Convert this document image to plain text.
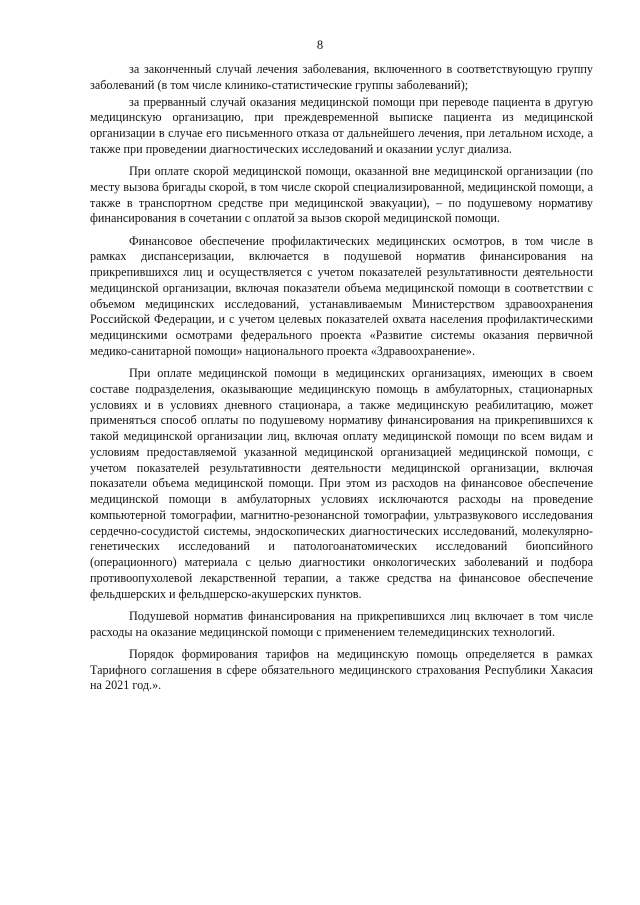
8

за законченный случай лечения заболевания, включенного в соответствующую группу заболеваний (в том числе клинико-статистические группы заболеваний);

за прерванный случай оказания медицинской помощи при переводе пациента в другую медицинскую организацию, при преждевременной выписке пациента из медицинской организации в случае его письменного отказа от дальнейшего лечения, при летальном исходе, а также при проведении диагностических исследований и оказании услуг диализа.

При оплате скорой медицинской помощи, оказанной вне медицинской организации (по месту вызова бригады скорой, в том числе скорой специализированной, медицинской помощи, а также в транспортном средстве при медицинской эвакуации), – по подушевому нормативу финансирования в сочетании с оплатой за вызов скорой медицинской помощи.

Финансовое обеспечение профилактических медицинских осмотров, в том числе в рамках диспансеризации, включается в подушевой норматив финансирования на прикрепившихся лиц и осуществляется с учетом показателей результативности деятельности медицинской организации, включая показатели объема медицинской помощи в соответствии с объемом медицинских исследований, устанавливаемым Министерством здравоохранения Российской Федерации, и с учетом целевых показателей охвата населения профилактическими медицинскими осмотрами федерального проекта «Развитие системы оказания первичной медико-санитарной помощи» национального проекта «Здравоохранение».

При оплате медицинской помощи в медицинских организациях, имеющих в своем составе подразделения, оказывающие медицинскую помощь в амбулаторных, стационарных условиях и в условиях дневного стационара, а также медицинскую реабилитацию, может применяться способ оплаты по подушевому нормативу финансирования на прикрепившихся к такой медицинской организации лиц, включая оплату медицинской помощи по всем видам и условиям предоставляемой указанной медицинской организацией медицинской помощи, с учетом показателей результативности деятельности медицинской организации, включая показатели объема медицинской помощи. При этом из расходов на финансовое обеспечение медицинской помощи в амбулаторных условиях исключаются расходы на проведение компьютерной томографии, магнитно-резонансной томографии, ультразвукового исследования сердечно-сосудистой системы, эндоскопических диагностических исследований, молекулярно-генетических исследований и патологоанатомических исследований биопсийного (операционного) материала с целью диагностики онкологических заболеваний и подбора противоопухолевой лекарственной терапии, а также средства на финансовое обеспечение фельдшерских и фельдшерско-акушерских пунктов.

Подушевой норматив финансирования на прикрепившихся лиц включает в том числе расходы на оказание медицинской помощи с применением телемедицинских технологий.

Порядок формирования тарифов на медицинскую помощь определяется в рамках Тарифного соглашения в сфере обязательного медицинского страхования Республики Хакасия на 2021 год.».
